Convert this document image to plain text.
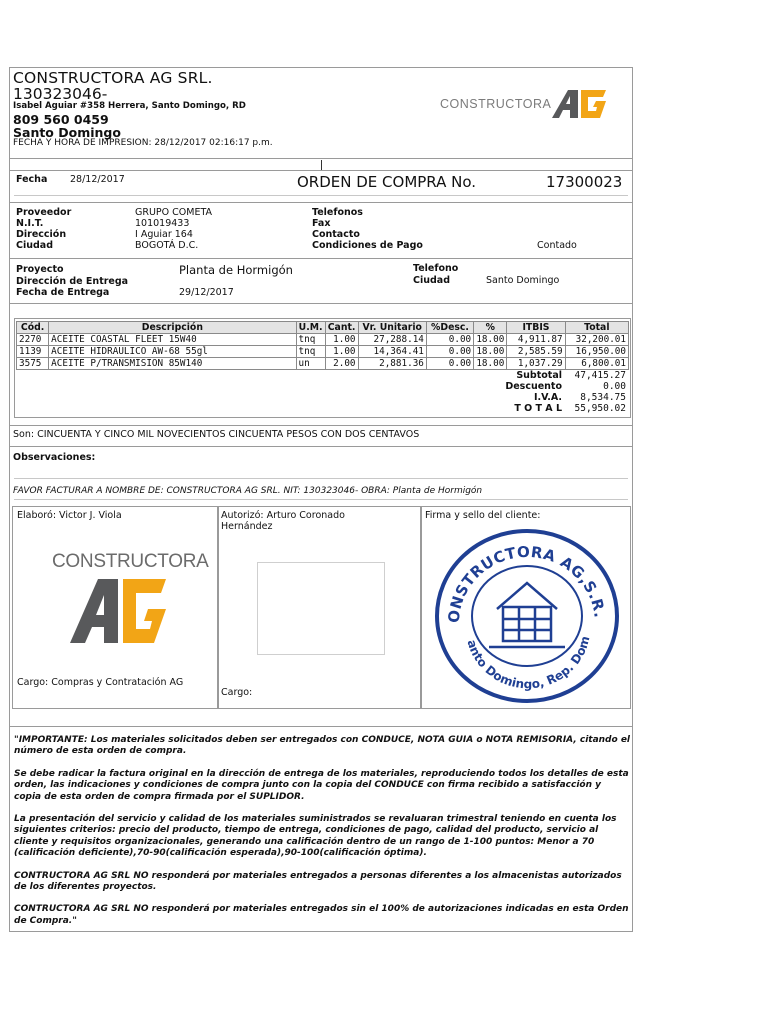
CONSTRUCTORA AG SRL.
130323046-
Isabel Aguiar #358 Herrera, Santo Domingo, RD
809 560 0459
Santo Domingo
FECHA Y HORA DE IMPRESION: 28/12/2017 02:16:17 p.m.
CONSTRUCTORA
Fecha 28/12/2017	ORDEN DE COMPRA No.	17300023
Proveedor	GRUPO COMETA
N.I.T.	101019433
Dirección	I Aguiar 164
Ciudad	BOGOTÁ D.C.
Telefonos
Fax
Contacto
Condiciones de Pago	Contado
Proyecto	Planta de Hormigón
Dirección de Entrega
Fecha de Entrega	29/12/2017
Telefono
Ciudad	Santo Domingo
Cód.	Descripción	U.M.	Cant.	Vr. Unitario	%Desc.	%	ITBIS	Total
2270	ACEITE COASTAL FLEET 15W40	tnq	1.00	27,288.14	0.00	18.00	4,911.87	32,200.01
1139	ACEITE HIDRAULICO AW-68 55gl	tnq	1.00	14,364.41	0.00	18.00	2,585.59	16,950.00
3575	ACEITE P/TRANSMISION 85W140	un	2.00	2,881.36	0.00	18.00	1,037.29	6,800.01
Subtotal	47,415.27
Descuento	0.00
I.V.A.	8,534.75
T O T A L	55,950.02
Son: CINCUENTA Y CINCO MIL NOVECIENTOS CINCUENTA PESOS CON DOS CENTAVOS
Observaciones:
FAVOR FACTURAR A NOMBRE DE: CONSTRUCTORA AG SRL. NIT: 130323046- OBRA: Planta de Hormigón
Elaboró: Victor J. Viola	Autorizó: Arturo Coronado
Hernández
Firma y sello del cliente:
CONSTRUCTORA
Cargo: Compras y Contratación AG
Cargo:
ONSTRUCTORA AG,S.R.
anto Domingo, Rep. Dom

"IMPORTANTE: Los materiales solicitados deben ser entregados con CONDUCE, NOTA GUIA o NOTA REMISORIA, citando el número de esta orden de compra.

Se debe radicar la factura original en la dirección de entrega de los materiales, reproduciendo todos los detalles de esta orden, las indicaciones y condiciones de compra junto con la copia del CONDUCE con firma recibido a satisfacción y copia de esta orden de compra firmada por el SUPLIDOR.

La presentación del servicio y calidad de los materiales suministrados se revaluaran trimestral teniendo en cuenta los siguientes criterios: precio del producto, tiempo de entrega, condiciones de pago, calidad del producto, servicio al cliente y requisitos organizacionales, generando una calificación dentro de un rango de 1-100 puntos: Menor a 70 (calificación deficiente),70-90(calificación esperada),90-100(calificación óptima).

CONTRUCTORA AG SRL NO responderá por materiales entregados a personas diferentes a los almacenistas autorizados de los diferentes proyectos.

CONTRUCTORA AG SRL NO responderá por materiales entregados sin el 100% de autorizaciones indicadas en esta Orden de Compra."
